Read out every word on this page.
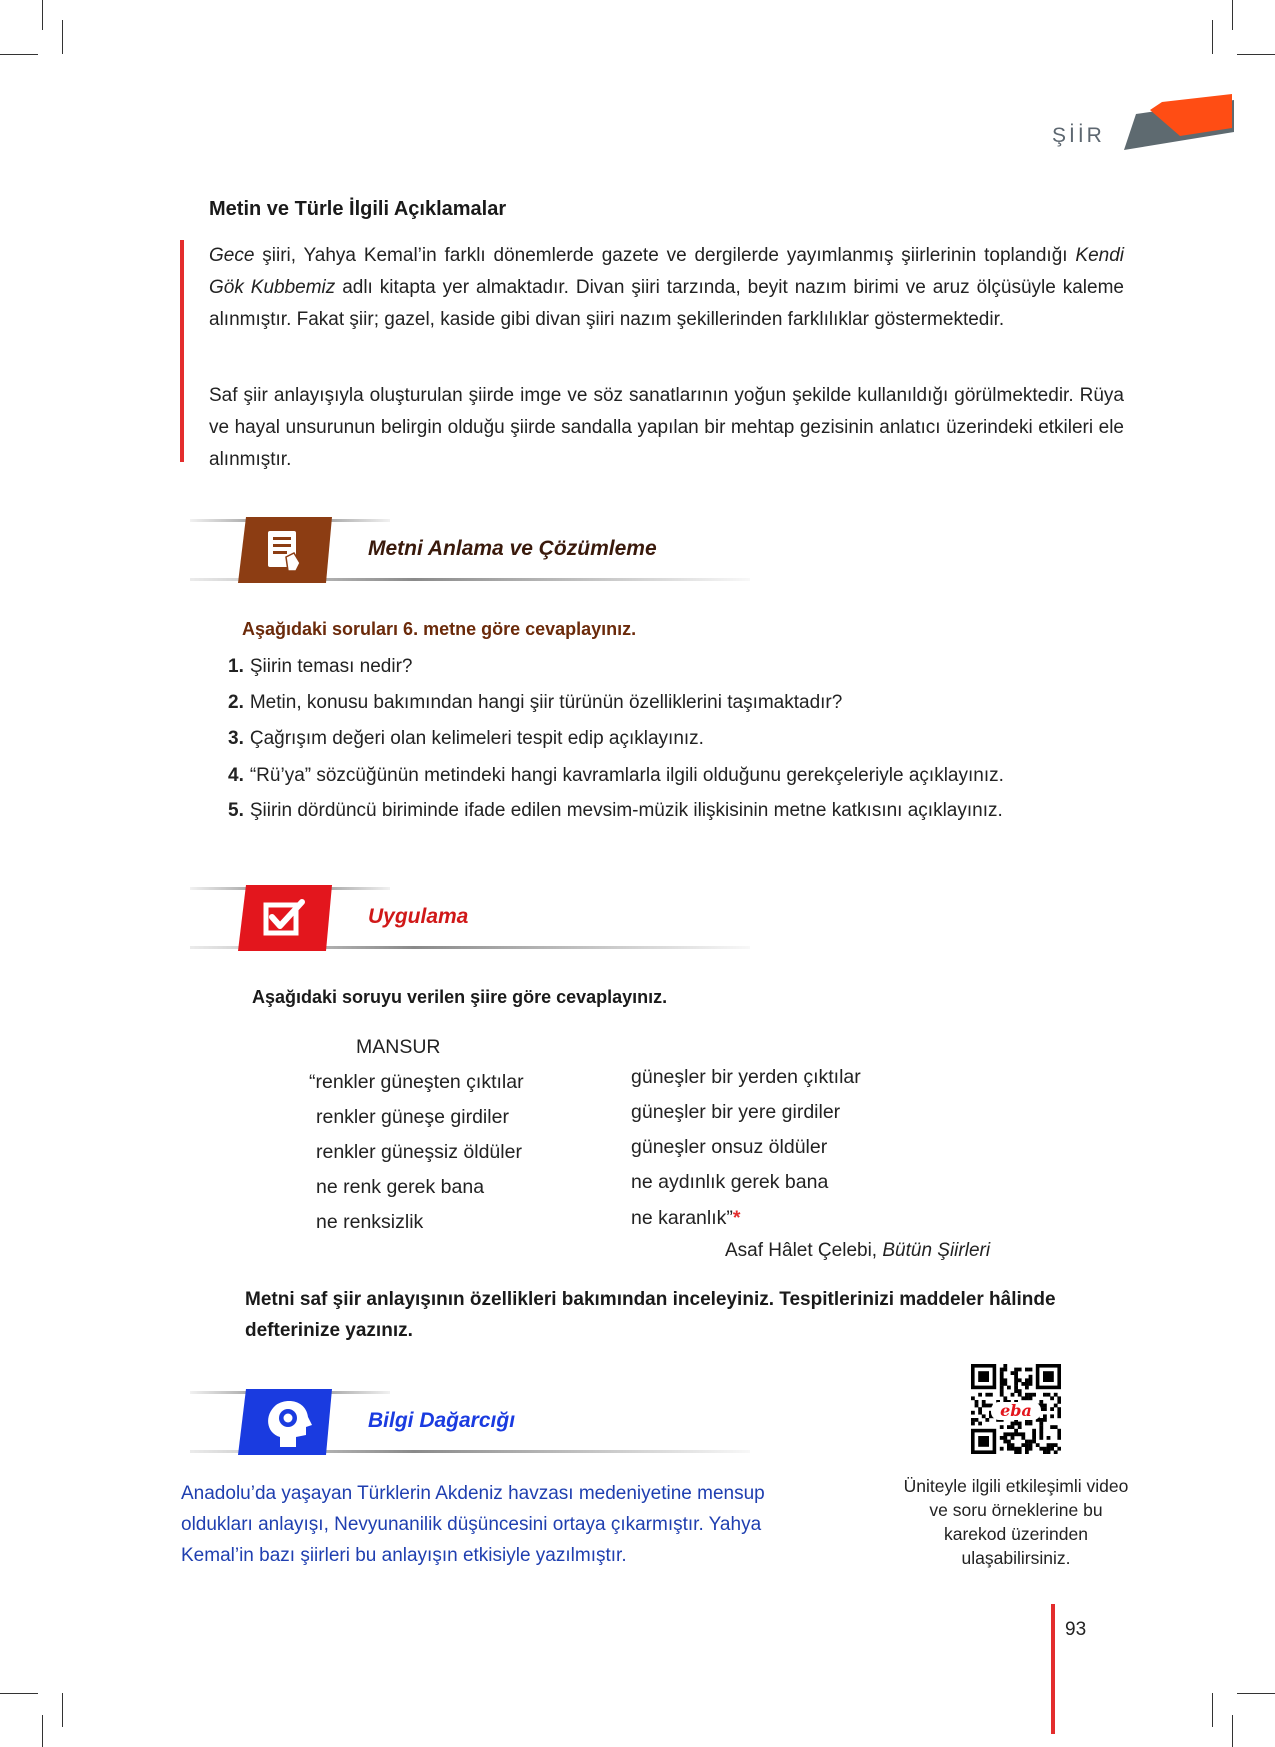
ŞİİR
Metin ve Türle İlgili Açıklamalar
Gece şiiri, Yahya Kemal’in farklı dönemlerde gazete ve dergilerde yayımlanmış şiirlerinin toplandığı Kendi Gök Kubbemiz adlı kitapta yer almaktadır. Divan şiiri tarzında, beyit nazım birimi ve aruz ölçüsüyle kaleme alınmıştır. Fakat şiir; gazel, kaside gibi divan şiiri nazım şekillerinden farklılıklar göstermektedir.
Saf şiir anlayışıyla oluşturulan şiirde imge ve söz sanatlarının yoğun şekilde kullanıldığı görülmektedir. Rüya ve hayal unsurunun belirgin olduğu şiirde sandalla yapılan bir mehtap gezisinin anlatıcı üzerindeki etkileri ele alınmıştır.
Metni Anlama ve Çözümleme
Aşağıdaki soruları 6. metne göre cevaplayınız.
1. Şiirin teması nedir?
2. Metin, konusu bakımından hangi şiir türünün özelliklerini taşımaktadır?
3. Çağrışım değeri olan kelimeleri tespit edip açıklayınız.
4. “Rü’ya” sözcüğünün metindeki hangi kavramlarla ilgili olduğunu gerekçeleriyle açıklayınız.
5. Şiirin dördüncü biriminde ifade edilen mevsim-müzik ilişkisinin metne katkısını açıklayınız.
Uygulama
Aşağıdaki soruyu verilen şiire göre cevaplayınız.
MANSUR
“renkler güneşten çıktılar
renkler güneşe girdiler
renkler güneşsiz öldüler
ne renk gerek bana
ne renksizlik
güneşler bir yerden çıktılar
güneşler bir yere girdiler
güneşler onsuz öldüler
ne aydınlık gerek bana
ne karanlık”*
Asaf Hâlet Çelebi, Bütün Şiirleri
Metni saf şiir anlayışının özellikleri bakımından inceleyiniz. Tespitlerinizi maddeler hâlinde defterinize yazınız.
Bilgi Dağarcığı
Anadolu’da yaşayan Türklerin Akdeniz havzası medeniyetine mensup oldukları anlayışı, Nevyunanilik düşüncesini ortaya çıkarmıştır. Yahya Kemal’in bazı şiirleri bu anlayışın etkisiyle yazılmıştır.
eba
Üniteyle ilgili etkileşimli video ve soru örneklerine bu karekod üzerinden ulaşabilirsiniz.
93
